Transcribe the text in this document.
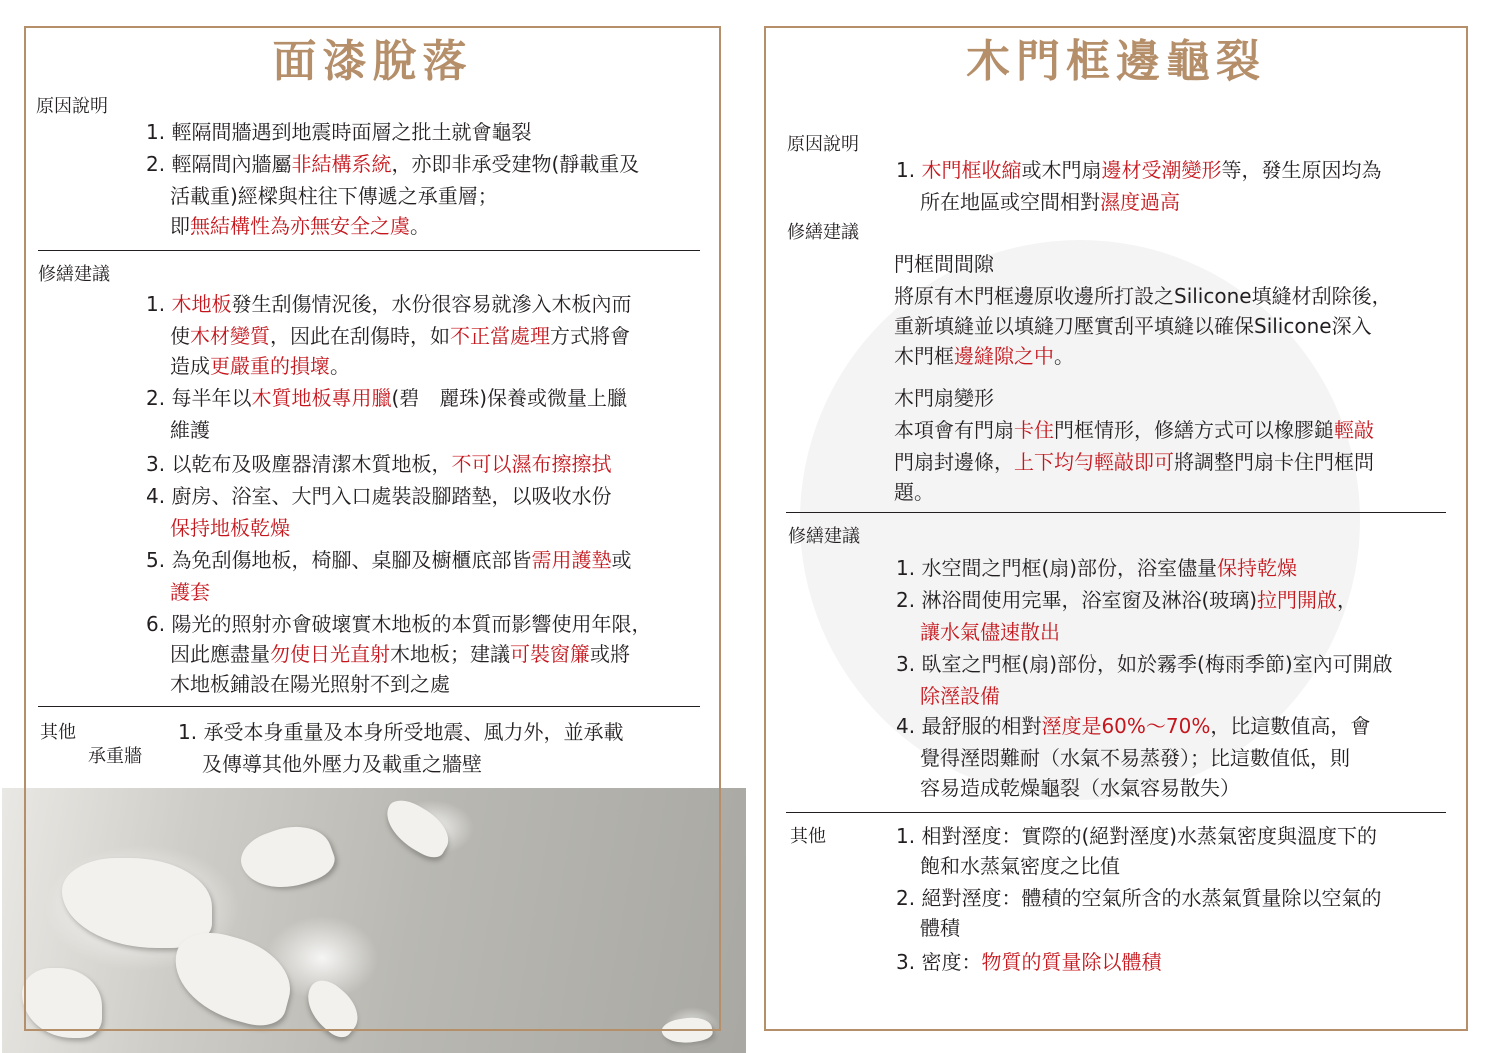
面漆脫落	木門框邊龜裂
原因說明
1. 輕隔間牆遇到地震時面層之批土就會龜裂
2. 輕隔間內牆屬非結構系統，亦即非承受建物(靜載重及
活載重)經樑與柱往下傳遞之承重層；
即無結構性為亦無安全之虞。
修繕建議
1. 木地板發生刮傷情況後，水份很容易就滲入木板內而
使木材變質，因此在刮傷時，如不正當處理方式將會
造成更嚴重的損壞。
2. 每半年以木質地板專用臘(碧　麗珠)保養或微量上臘
維護
3. 以乾布及吸塵器清潔木質地板，不可以濕布擦擦拭
4. 廚房、浴室、大門入口處裝設腳踏墊，以吸收水份
保持地板乾燥
5. 為免刮傷地板，椅腳、桌腳及櫥櫃底部皆需用護墊或
護套
6. 陽光的照射亦會破壞實木地板的本質而影響使用年限，
因此應盡量勿使日光直射木地板；建議可裝窗簾或將
木地板鋪設在陽光照射不到之處
其他
承重牆
1. 承受本身重量及本身所受地震、風力外，並承載
及傳導其他外壓力及載重之牆壁
原因說明
1. 木門框收縮或木門扇邊材受潮變形等，發生原因均為
所在地區或空間相對濕度過高
修繕建議
門框間間隙
將原有木門框邊原收邊所打設之Silicone填縫材刮除後，
重新填縫並以填縫刀壓實刮平填縫以確保Silicone深入
木門框邊縫隙之中。
木門扇變形
本項會有門扇卡住門框情形，修繕方式可以橡膠鎚輕敲
門扇封邊條，上下均勻輕敲即可將調整門扇卡住門框問
題。
修繕建議
1. 水空間之門框(扇)部份，浴室儘量保持乾燥
2. 淋浴間使用完畢，浴室窗及淋浴(玻璃)拉門開啟，
讓水氣儘速散出
3. 臥室之門框(扇)部份，如於霧季(梅雨季節)室內可開啟
除溼設備
4. 最舒服的相對溼度是60%～70%，比這數值高，會
覺得溼悶難耐（水氣不易蒸發）；比這數值低，則
容易造成乾燥龜裂（水氣容易散失）
其他	1. 相對溼度：實際的(絕對溼度)水蒸氣密度與溫度下的
飽和水蒸氣密度之比值
2. 絕對溼度：體積的空氣所含的水蒸氣質量除以空氣的
體積
3. 密度：物質的質量除以體積
